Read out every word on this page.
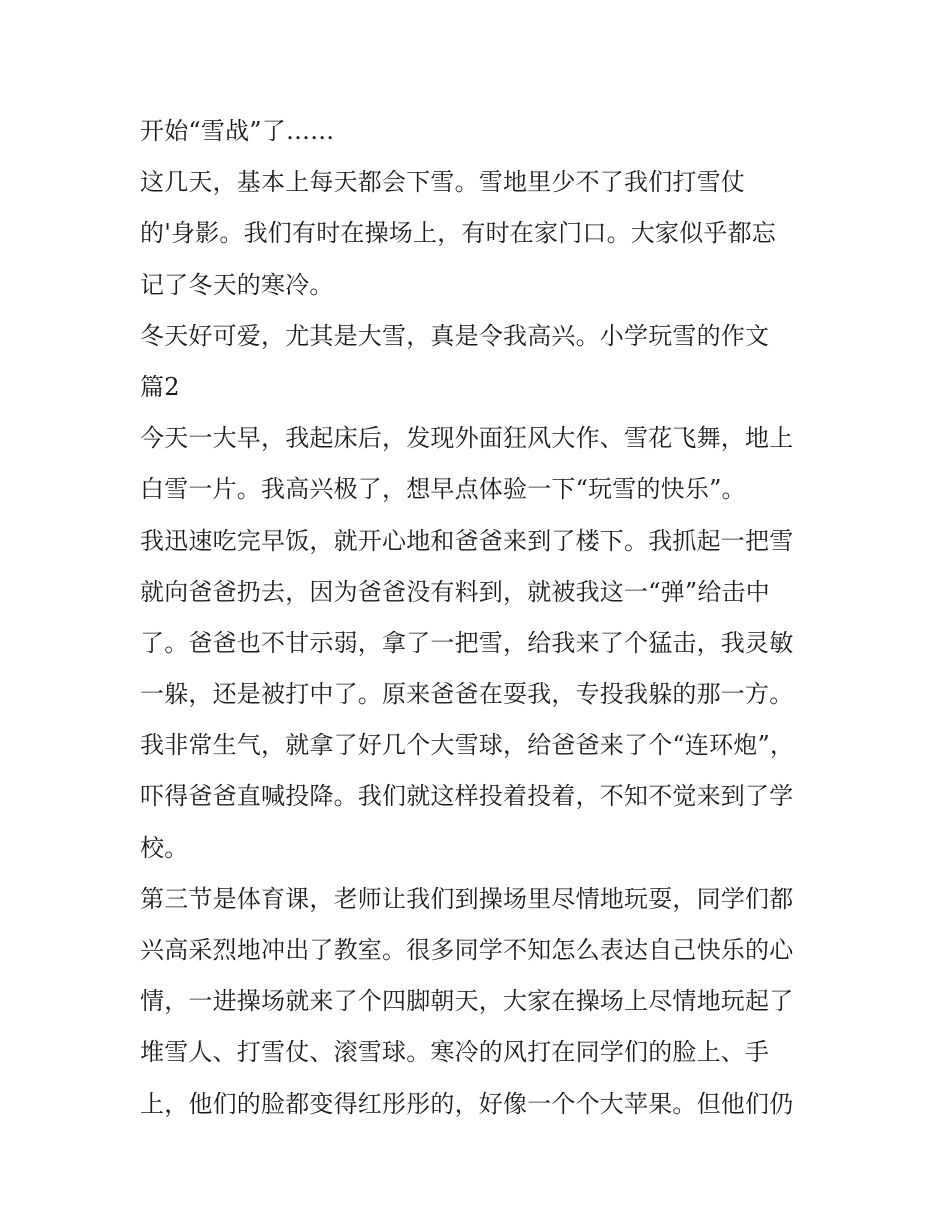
开始“雪战”了……
这几天，基本上每天都会下雪。雪地里少不了我们打雪仗
的'身影。我们有时在操场上，有时在家门口。大家似乎都忘
记了冬天的寒冷。
冬天好可爱，尤其是大雪，真是令我高兴。小学玩雪的作文
篇2
今天一大早，我起床后，发现外面狂风大作、雪花飞舞，地上
白雪一片。我高兴极了，想早点体验一下“玩雪的快乐”。
我迅速吃完早饭，就开心地和爸爸来到了楼下。我抓起一把雪
就向爸爸扔去，因为爸爸没有料到，就被我这一“弹”给击中
了。爸爸也不甘示弱，拿了一把雪，给我来了个猛击，我灵敏
一躲，还是被打中了。原来爸爸在耍我，专投我躲的那一方。
我非常生气，就拿了好几个大雪球，给爸爸来了个“连环炮”，
吓得爸爸直喊投降。我们就这样投着投着，不知不觉来到了学
校。
第三节是体育课，老师让我们到操场里尽情地玩耍，同学们都
兴高采烈地冲出了教室。很多同学不知怎么表达自己快乐的心
情，一进操场就来了个四脚朝天，大家在操场上尽情地玩起了
堆雪人、打雪仗、滚雪球。寒冷的风打在同学们的脸上、手
上，他们的脸都变得红彤彤的，好像一个个大苹果。但他们仍
